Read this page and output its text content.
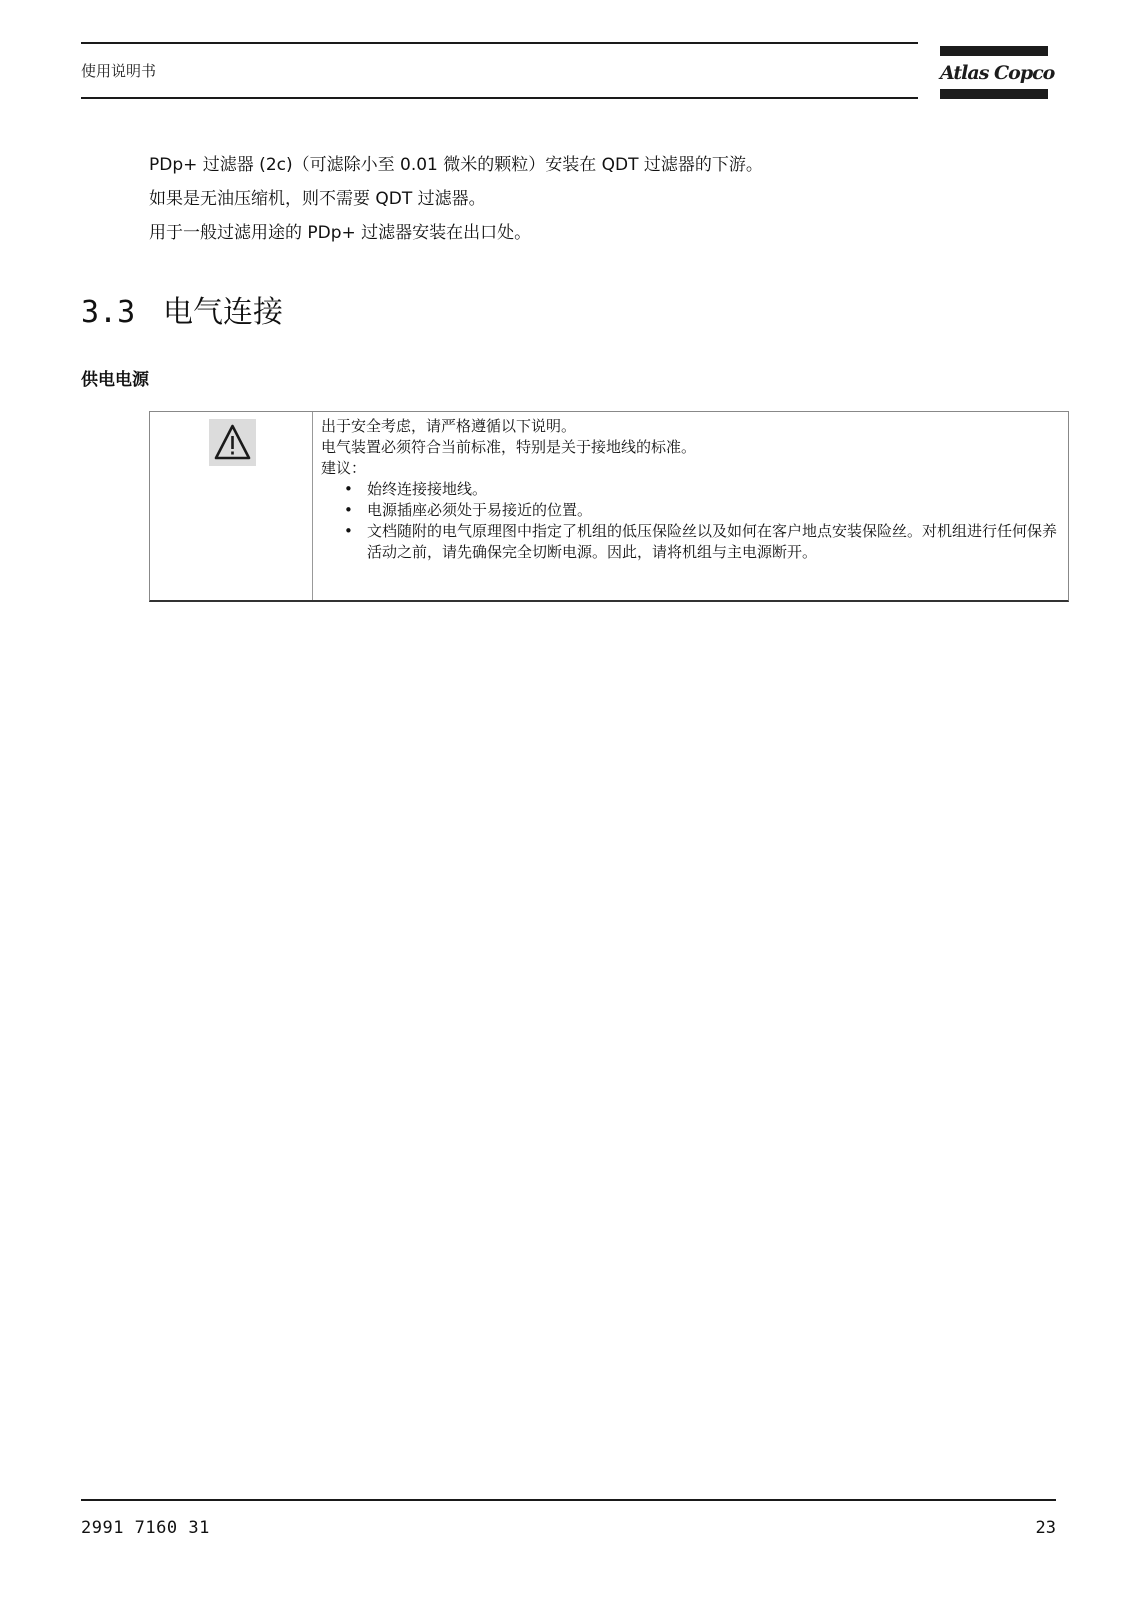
使用说明书	Atlas Copco

PDp+ 过滤器 (2c)（可滤除小至 0.01 微米的颗粒）安装在 QDT 过滤器的下游。

如果是无油压缩机，则不需要 QDT 过滤器。

用于一般过滤用途的 PDp+ 过滤器安装在出口处。

3.3 电气连接
供电电源

出于安全考虑，请严格遵循以下说明。

电气装置必须符合当前标准，特别是关于接地线的标准。

建议：

• 始终连接接地线。
• 电源插座必须处于易接近的位置。
• 文档随附的电气原理图中指定了机组的低压保险丝以及如何在客户地点安装保险丝。对机组进行任何保养活动之前，请先确保完全切断电源。因此，请将机组与主电源断开。
2991 7160 31	23
